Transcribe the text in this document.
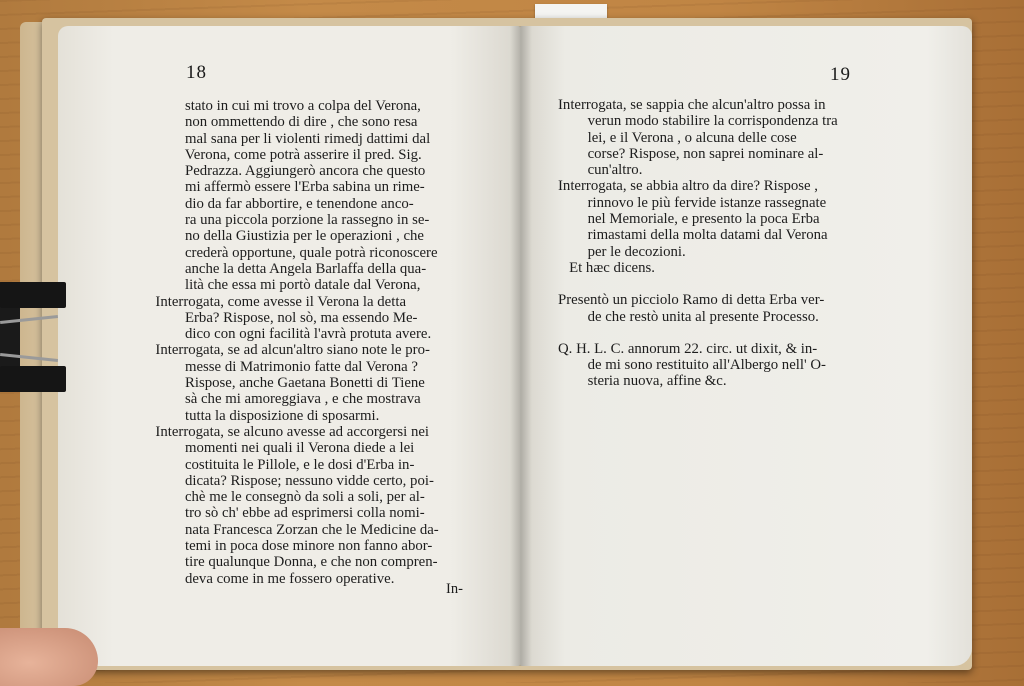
18	19
stato in cui mi trovo a colpa del Verona,
non ommettendo di dire , che sono resa
mal sana per li violenti rimedj dattimi dal
Verona, come potrà asserire il pred. Sig.
Pedrazza. Aggiungerò ancora che questo
mi affermò essere l'Erba sabina un rime-
dio da far abbortire, e tenendone anco-
ra una piccola porzione la rassegno in se-
no della Giustizia per le operazioni , che
crederà opportune, quale potrà riconoscere
anche la detta Angela Barlaffa della qua-
lità che essa mi portò datale dal Verona,
Interrogata, come avesse il Verona la detta
Erba? Rispose, nol sò, ma essendo Me-
dico con ogni facilità l'avrà protuta avere.
Interrogata, se ad alcun'altro siano note le pro-
messe di Matrimonio fatte dal Verona ?
Rispose, anche Gaetana Bonetti di Tiene
sà che mi amoreggiava , e che mostrava
tutta la disposizione di sposarmi.
Interrogata, se alcuno avesse ad accorgersi nei
momenti nei quali il Verona diede a lei
costituita le Pillole, e le dosi d'Erba in-
dicata? Rispose; nessuno vidde certo, poi-
chè me le consegnò da soli a soli, per al-
tro sò ch' ebbe ad esprimersi colla nomi-
nata Francesca Zorzan che le Medicine da-
temi in poca dose minore non fanno abor-
tire qualunque Donna, e che non compren-
deva come in me fossero operative.
In-
Interrogata, se sappia che alcun'altro possa in
verun modo stabilire la corrispondenza tra
lei, e il Verona , o alcuna delle cose
corse? Rispose, non saprei nominare al-
cun'altro.
Interrogata, se abbia altro da dire? Rispose ,
rinnovo le più fervide istanze rassegnate
nel Memoriale, e presento la poca Erba
rimastami della molta datami dal Verona
per le decozioni.
Et hæc dicens.
Presentò un picciolo Ramo di detta Erba ver-
de che restò unita al presente Processo.
Q. H. L. C. annorum 22. circ. ut dixit, & in-
de mi sono restituito all'Albergo nell' O-
steria nuova, affine &c.
